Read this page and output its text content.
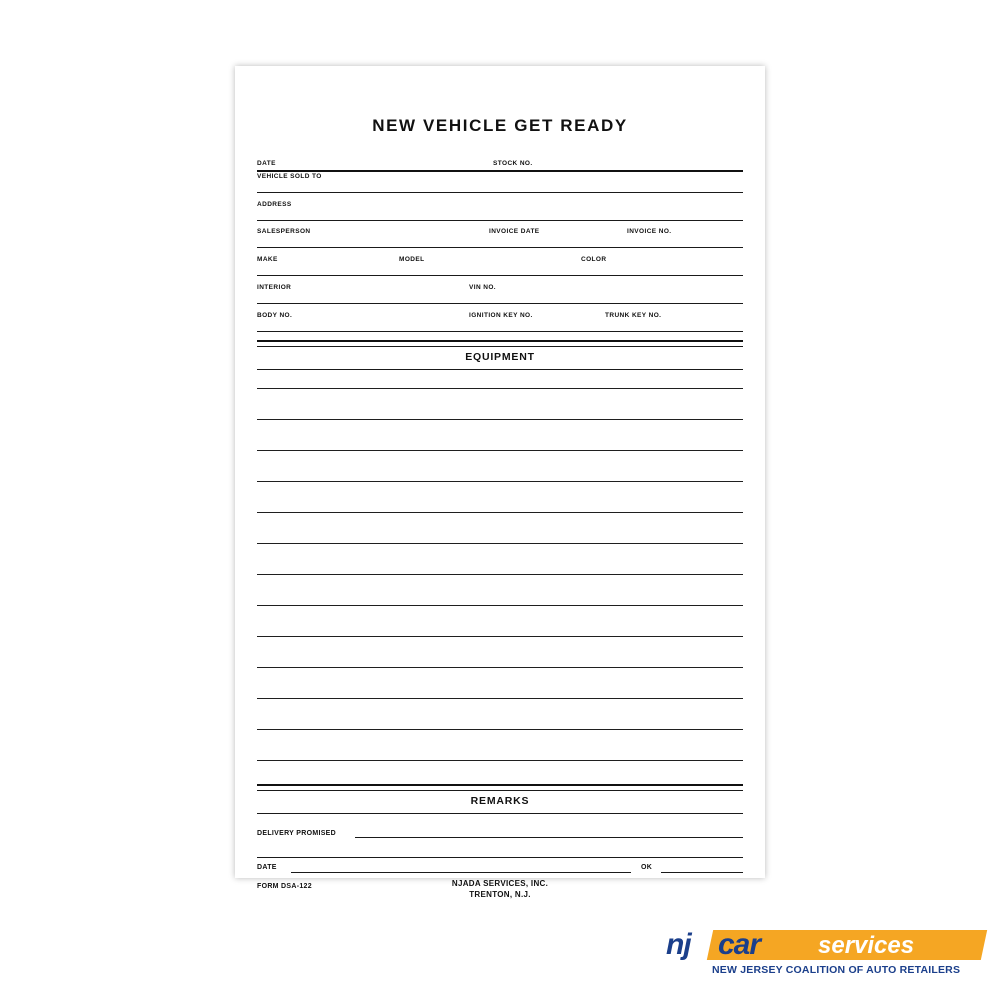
NEW VEHICLE GET READY
DATE	STOCK NO.
VEHICLE SOLD TO
ADDRESS
SALESPERSON	INVOICE DATE	INVOICE NO.
MAKE	MODEL	COLOR
INTERIOR	VIN NO.
BODY NO.	IGNITION KEY NO.	TRUNK KEY NO.
EQUIPMENT
REMARKS
DELIVERY PROMISED
DATE	OK
FORM DSA-122	NJADA SERVICES, INC.
TRENTON, N.J.
nj car services
NEW JERSEY COALITION OF AUTO RETAILERS
